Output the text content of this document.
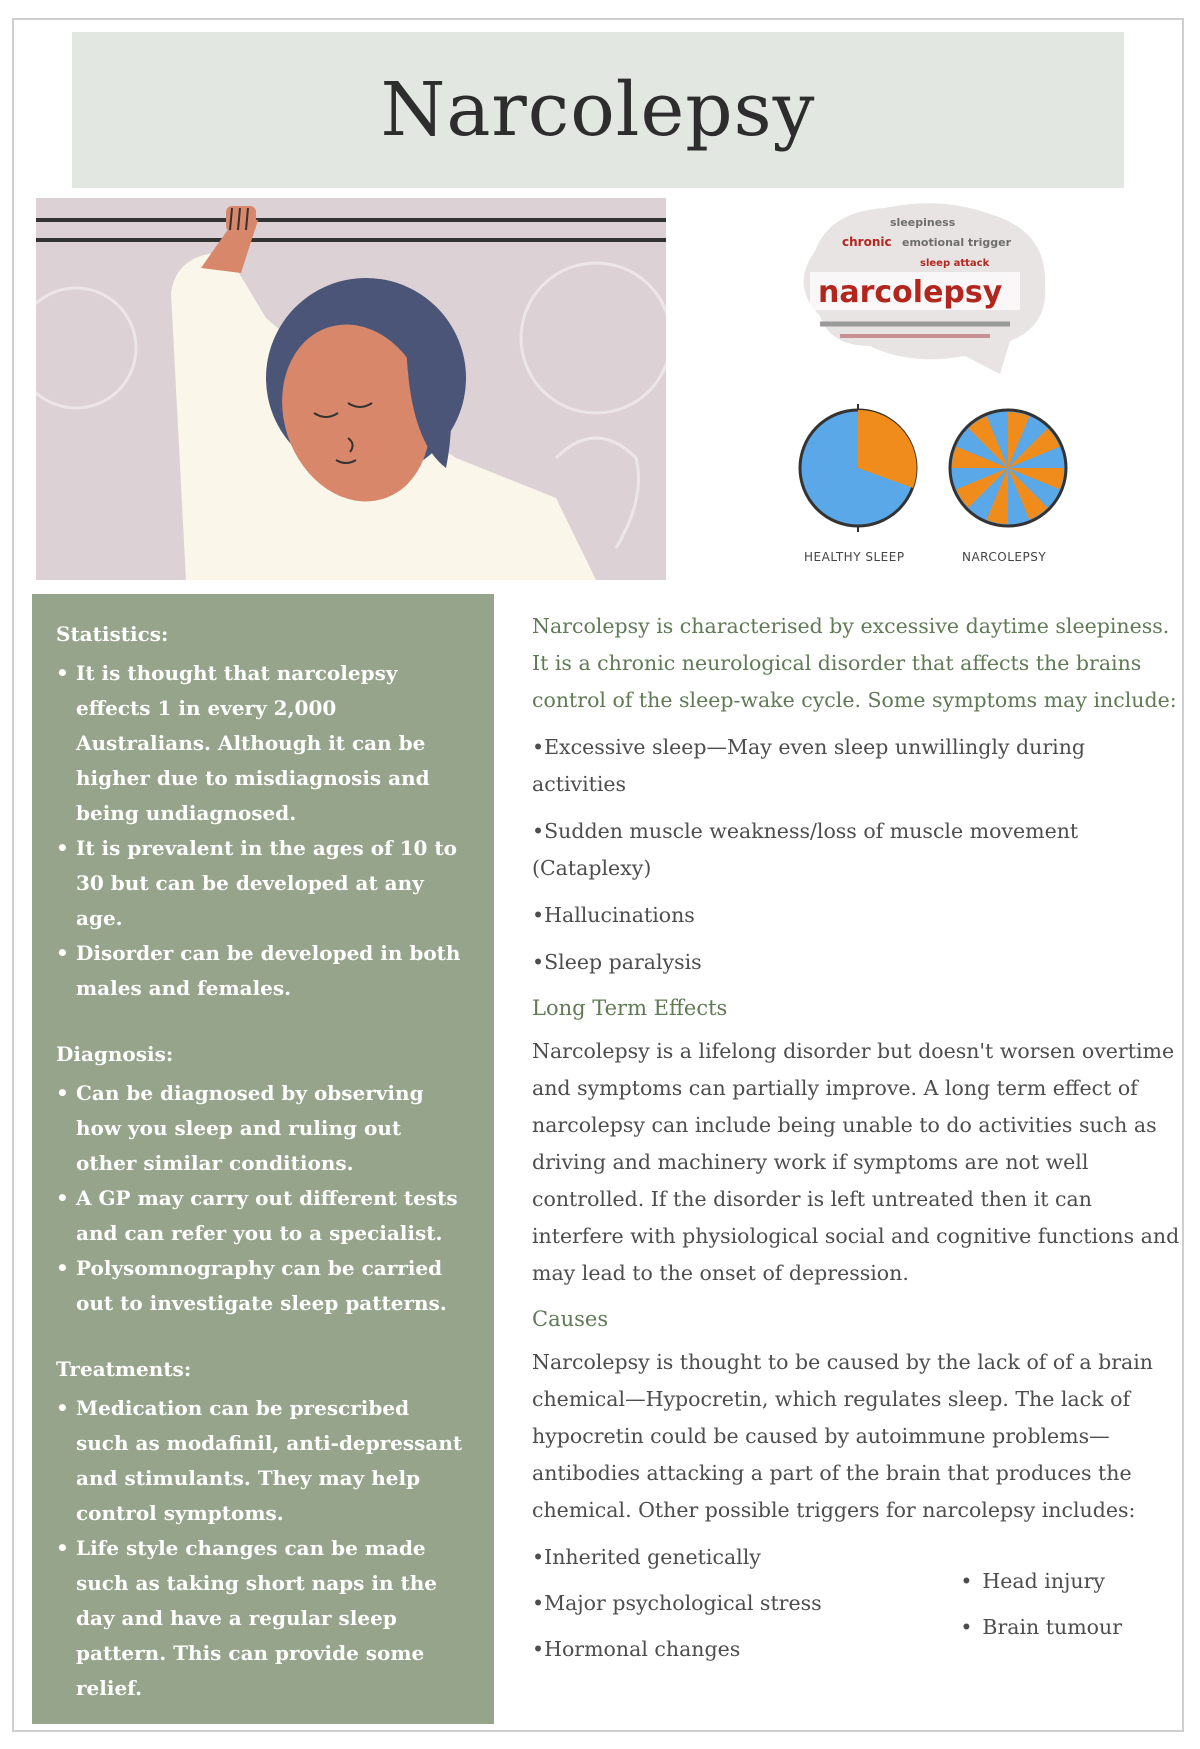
Narcolepsy
sleepiness
chronic emotional trigger
sleep attack
narcolepsy
HEALTHY SLEEP	NARCOLEPSY
Statistics:
• It is thought that narcolepsy effects 1 in every 2,000 Australians. Although it can be higher due to misdiagnosis and being undiagnosed.
• It is prevalent in the ages of 10 to 30 but can be developed at any age.
• Disorder can be developed in both males and females.
Diagnosis:
• Can be diagnosed by observing how you sleep and ruling out other similar conditions.
• A GP may carry out different tests and can refer you to a specialist.
• Polysomnography can be carried out to investigate sleep patterns.
Treatments:
• Medication can be prescribed such as modafinil, anti-depressant and stimulants. They may help control symptoms.
• Life style changes can be made such as taking short naps in the day and have a regular sleep pattern. This can provide some relief.

Narcolepsy is characterised by excessive daytime sleepiness. It is a chronic neurological disorder that affects the brains control of the sleep-wake cycle. Some symptoms may include:

•Excessive sleep—May even sleep unwillingly during activities

•Sudden muscle weakness/loss of muscle movement (Cataplexy)

•Hallucinations

•Sleep paralysis

Long Term Effects

Narcolepsy is a lifelong disorder but doesn't worsen overtime and symptoms can partially improve. A long term effect of narcolepsy can include being unable to do activities such as driving and machinery work if symptoms are not well controlled. If the disorder is left untreated then it can interfere with physiological social and cognitive functions and may lead to the onset of depression.

Causes

Narcolepsy is thought to be caused by the lack of of a brain chemical—Hypocretin, which regulates sleep. The lack of hypocretin could be caused by autoimmune problems—antibodies attacking a part of the brain that produces the chemical. Other possible triggers for narcolepsy includes:

•Inherited genetically
•Major psychological stress
•Hormonal changes
• Head injury
• Brain tumour
